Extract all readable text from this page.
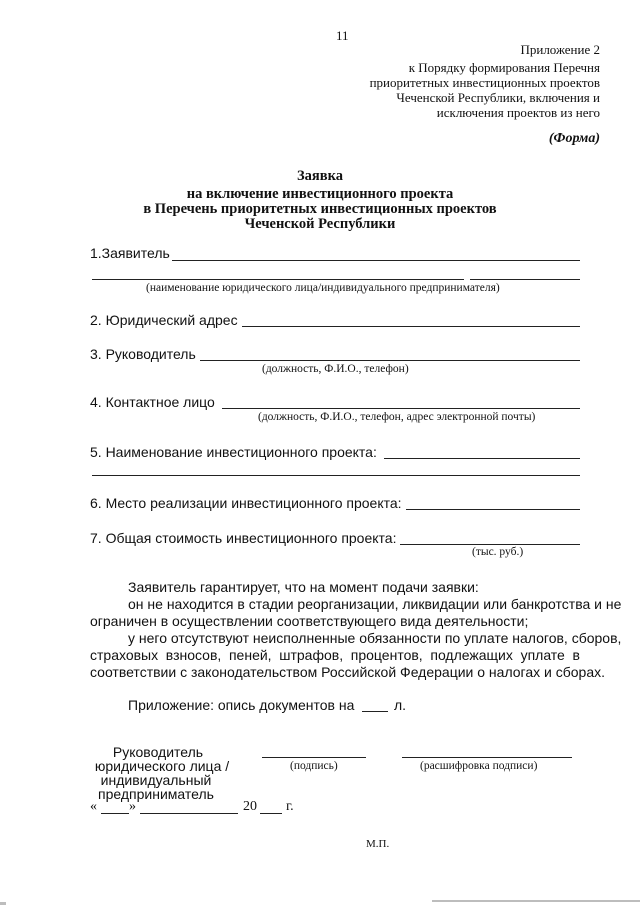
11
Приложение 2
к Порядку формирования Перечня
приоритетных инвестиционных проектов
Чеченской Республики, включения и
исключения проектов из него
(Форма)
Заявка
на включение инвестиционного проекта
в Перечень приоритетных инвестиционных проектов
Чеченской Республики
1.Заявитель
(наименование юридического лица/индивидуального предпринимателя)
2. Юридический адрес
3. Руководитель
(должность, Ф.И.О., телефон)
4. Контактное лицо
(должность, Ф.И.О., телефон, адрес электронной почты)
5. Наименование инвестиционного проекта:
6. Место реализации инвестиционного проекта:
7. Общая стоимость инвестиционного проекта:
(тыс. руб.)
Заявитель гарантирует, что на момент подачи заявки:
он не находится в стадии реорганизации, ликвидации или банкротства и не
ограничен в осуществлении соответствующего вида деятельности;
у него отсутствуют неисполненные обязанности по уплате налогов, сборов,
страховых взносов, пеней, штрафов, процентов, подлежащих уплате в
соответствии с законодательством Российской Федерации о налогах и сборах.
Приложение: опись документов на	л.
Руководитель
юридического лица /
индивидуальный
предприниматель
(подпись)	(расшифровка подписи)
« »	20 г.
М.П.
